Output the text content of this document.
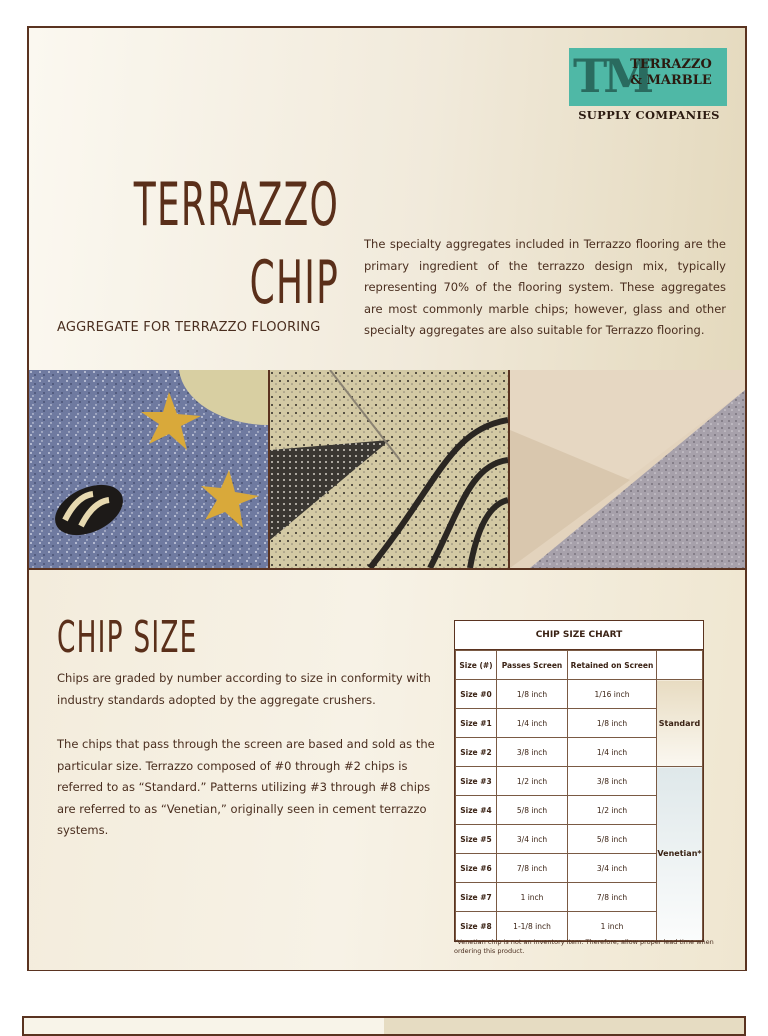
TM
TERRAZZO
& MARBLE
SUPPLY COMPANIES
TERRAZZO
CHIP
AGGREGATE FOR TERRAZZO FLOORING
The specialty aggregates included in Terrazzo flooring are the primary ingredient of the terrazzo design mix, typically representing 70% of the flooring system. These aggregates are most commonly marble chips; however, glass and other specialty aggregates are also suitable for Terrazzo flooring.
CHIP SIZE
Chips are graded by number according to size in conformity with industry standards adopted by the aggregate crushers.
The chips that pass through the screen are based and sold as the particular size. Terrazzo composed of #0 through #2 chips is referred to as “Standard.” Patterns utilizing #3 through #8 chips are referred to as “Venetian,” originally seen in cement terrazzo systems.
CHIP SIZE CHART
Size (#)	Passes Screen	Retained on Screen	
Size #0	1/8 inch	1/16 inch	Standard
Size #1	1/4 inch	1/8 inch	
Size #2	3/8 inch	1/4 inch	
Size #3	1/2 inch	3/8 inch	Venetian*
Size #4	5/8 inch	1/2 inch	
Size #5	3/4 inch	5/8 inch	
Size #6	7/8 inch	3/4 inch	
Size #7	1 inch	7/8 inch	
Size #8	1-1/8 inch	1 inch	
*Venetian chip is not an inventory item. Therefore, allow proper lead time when ordering this product.
